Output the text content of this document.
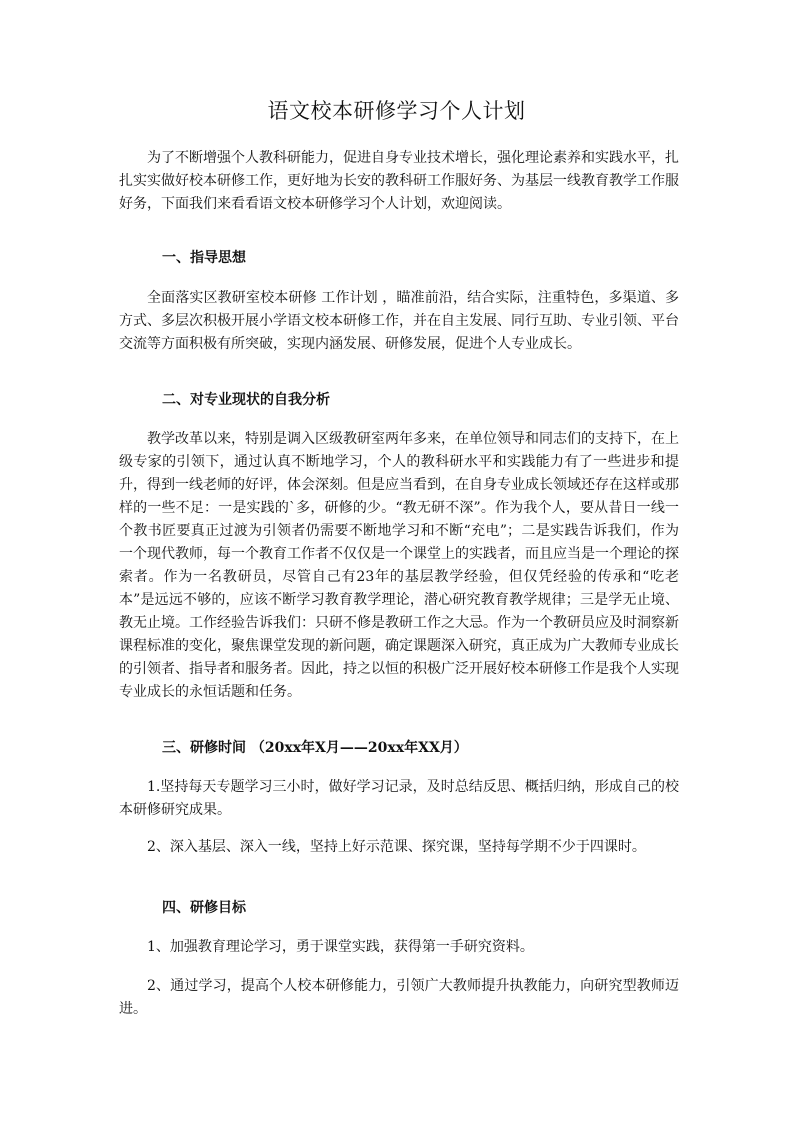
语文校本研修学习个人计划

为了不断增强个人教科研能力，促进自身专业技术增长，强化理论素养和实践水平，扎扎实实做好校本研修工作，更好地为长安的教科研工作服好务、为基层一线教育教学工作服好务，下面我们来看看语文校本研修学习个人计划，欢迎阅读。

一、指导思想

全面落实区教研室校本研修 工作计划 ，瞄准前沿，结合实际，注重特色，多渠道、多方式、多层次积极开展小学语文校本研修工作，并在自主发展、同行互助、专业引领、平台交流等方面积极有所突破，实现内涵发展、研修发展，促进个人专业成长。

二、对专业现状的自我分析

教学改革以来，特别是调入区级教研室两年多来，在单位领导和同志们的支持下，在上级专家的引领下，通过认真不断地学习，个人的教科研水平和实践能力有了一些进步和提升，得到一线老师的好评，体会深刻。但是应当看到，在自身专业成长领域还存在这样或那样的一些不足：一是实践的`多，研修的少。“教无研不深”。作为我个人，要从昔日一线一个教书匠要真正过渡为引领者仍需要不断地学习和不断“充电”；二是实践告诉我们，作为一个现代教师，每一个教育工作者不仅仅是一个课堂上的实践者，而且应当是一个理论的探索者。作为一名教研员，尽管自己有23年的基层教学经验，但仅凭经验的传承和“吃老本”是远远不够的，应该不断学习教育教学理论，潜心研究教育教学规律；三是学无止境、教无止境。工作经验告诉我们：只研不修是教研工作之大忌。作为一个教研员应及时洞察新课程标准的变化，聚焦课堂发现的新问题，确定课题深入研究，真正成为广大教师专业成长的引领者、指导者和服务者。因此，持之以恒的积极广泛开展好校本研修工作是我个人实现专业成长的永恒话题和任务。

三、研修时间 （20xx年X月——20xx年XX月）

1.坚持每天专题学习三小时，做好学习记录，及时总结反思、概括归纳，形成自己的校本研修研究成果。

2、深入基层、深入一线，坚持上好示范课、探究课，坚持每学期不少于四课时。

四、研修目标

1、加强教育理论学习，勇于课堂实践，获得第一手研究资料。

2、通过学习，提高个人校本研修能力，引领广大教师提升执教能力，向研究型教师迈进。
